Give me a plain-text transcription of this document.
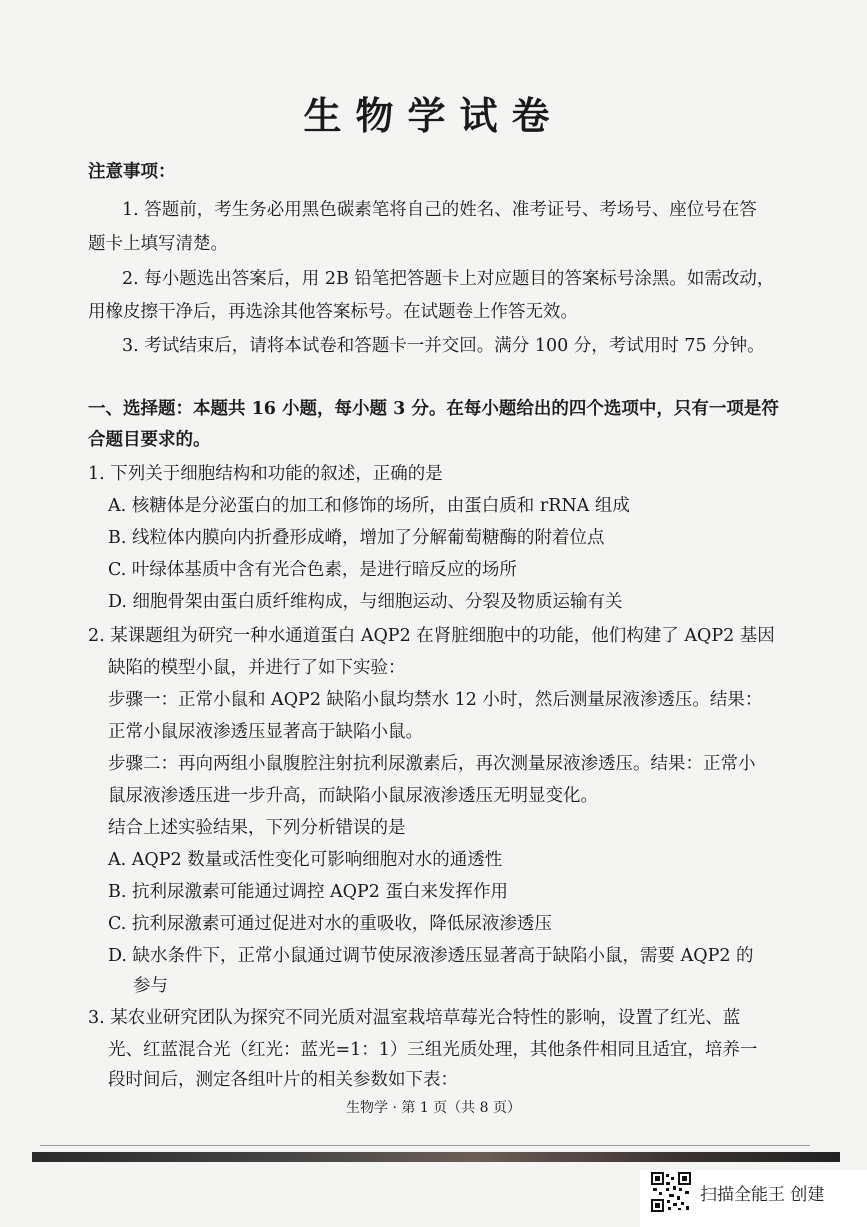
生物学试卷
注意事项：
1. 答题前，考生务必用黑色碳素笔将自己的姓名、准考证号、考场号、座位号在答
题卡上填写清楚。
2. 每小题选出答案后，用 2B 铅笔把答题卡上对应题目的答案标号涂黑。如需改动，
用橡皮擦干净后，再选涂其他答案标号。在试题卷上作答无效。
3. 考试结束后，请将本试卷和答题卡一并交回。满分 100 分，考试用时 75 分钟。
一、选择题：本题共 16 小题，每小题 3 分。在每小题给出的四个选项中，只有一项是符
合题目要求的。
1. 下列关于细胞结构和功能的叙述，正确的是
A. 核糖体是分泌蛋白的加工和修饰的场所，由蛋白质和 rRNA 组成
B. 线粒体内膜向内折叠形成嵴，增加了分解葡萄糖酶的附着位点
C. 叶绿体基质中含有光合色素，是进行暗反应的场所
D. 细胞骨架由蛋白质纤维构成，与细胞运动、分裂及物质运输有关
2. 某课题组为研究一种水通道蛋白 AQP2 在肾脏细胞中的功能，他们构建了 AQP2 基因
缺陷的模型小鼠，并进行了如下实验：
步骤一：正常小鼠和 AQP2 缺陷小鼠均禁水 12 小时，然后测量尿液渗透压。结果：
正常小鼠尿液渗透压显著高于缺陷小鼠。
步骤二：再向两组小鼠腹腔注射抗利尿激素后，再次测量尿液渗透压。结果：正常小
鼠尿液渗透压进一步升高，而缺陷小鼠尿液渗透压无明显变化。
结合上述实验结果，下列分析错误的是
A. AQP2 数量或活性变化可影响细胞对水的通透性
B. 抗利尿激素可能通过调控 AQP2 蛋白来发挥作用
C. 抗利尿激素可通过促进对水的重吸收，降低尿液渗透压
D. 缺水条件下，正常小鼠通过调节使尿液渗透压显著高于缺陷小鼠，需要 AQP2 的
参与
3. 某农业研究团队为探究不同光质对温室栽培草莓光合特性的影响，设置了红光、蓝
光、红蓝混合光（红光：蓝光=1：1）三组光质处理，其他条件相同且适宜，培养一
段时间后，测定各组叶片的相关参数如下表：
生物学 · 第 1 页（共 8 页）
扫描全能王 创建
